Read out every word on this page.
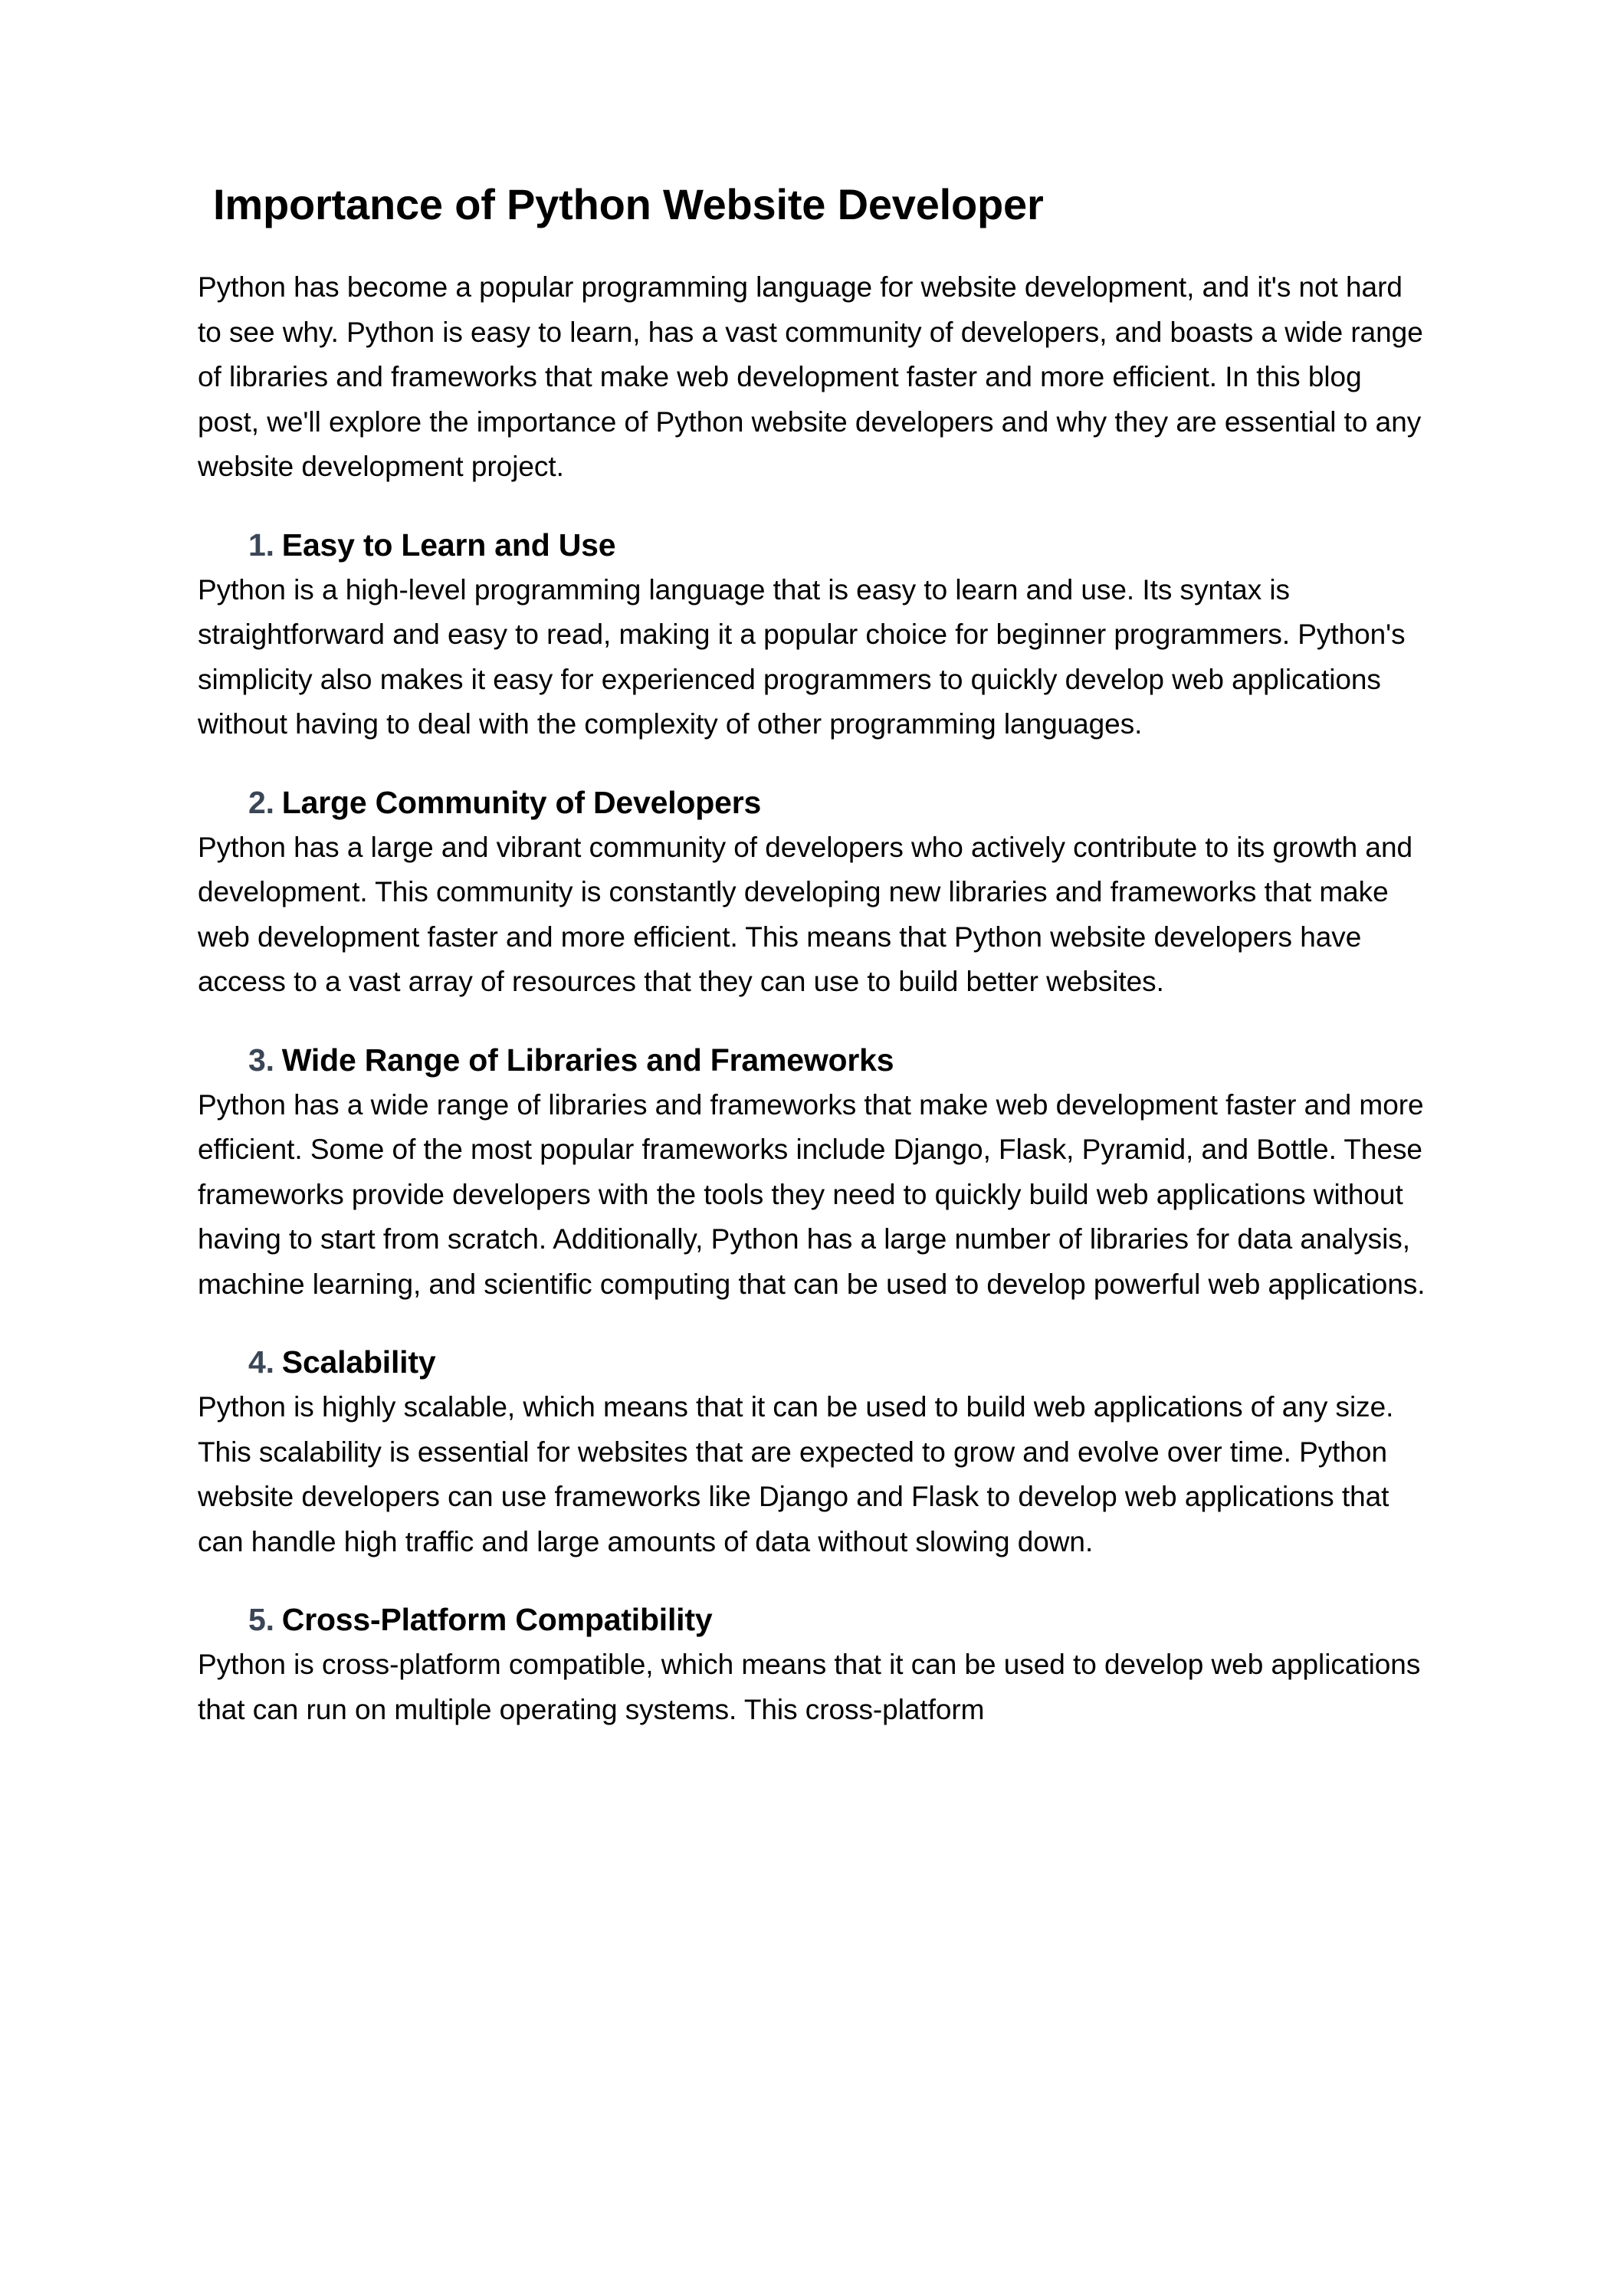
Importance of Python Website Developer

Python has become a popular programming language for website development, and it's not hard to see why. Python is easy to learn, has a vast community of developers, and boasts a wide range of libraries and frameworks that make web development faster and more efficient. In this blog post, we'll explore the importance of Python website developers and why they are essential to any website development project.

1. Easy to Learn and Use

Python is a high-level programming language that is easy to learn and use. Its syntax is straightforward and easy to read, making it a popular choice for beginner programmers. Python's simplicity also makes it easy for experienced programmers to quickly develop web applications without having to deal with the complexity of other programming languages.

2. Large Community of Developers

Python has a large and vibrant community of developers who actively contribute to its growth and development. This community is constantly developing new libraries and frameworks that make web development faster and more efficient. This means that Python website developers have access to a vast array of resources that they can use to build better websites.

3. Wide Range of Libraries and Frameworks

Python has a wide range of libraries and frameworks that make web development faster and more efficient. Some of the most popular frameworks include Django, Flask, Pyramid, and Bottle. These frameworks provide developers with the tools they need to quickly build web applications without having to start from scratch. Additionally, Python has a large number of libraries for data analysis, machine learning, and scientific computing that can be used to develop powerful web applications.

4. Scalability

Python is highly scalable, which means that it can be used to build web applications of any size. This scalability is essential for websites that are expected to grow and evolve over time. Python website developers can use frameworks like Django and Flask to develop web applications that can handle high traffic and large amounts of data without slowing down.

5. Cross-Platform Compatibility

Python is cross-platform compatible, which means that it can be used to develop web applications that can run on multiple operating systems. This cross-platform
